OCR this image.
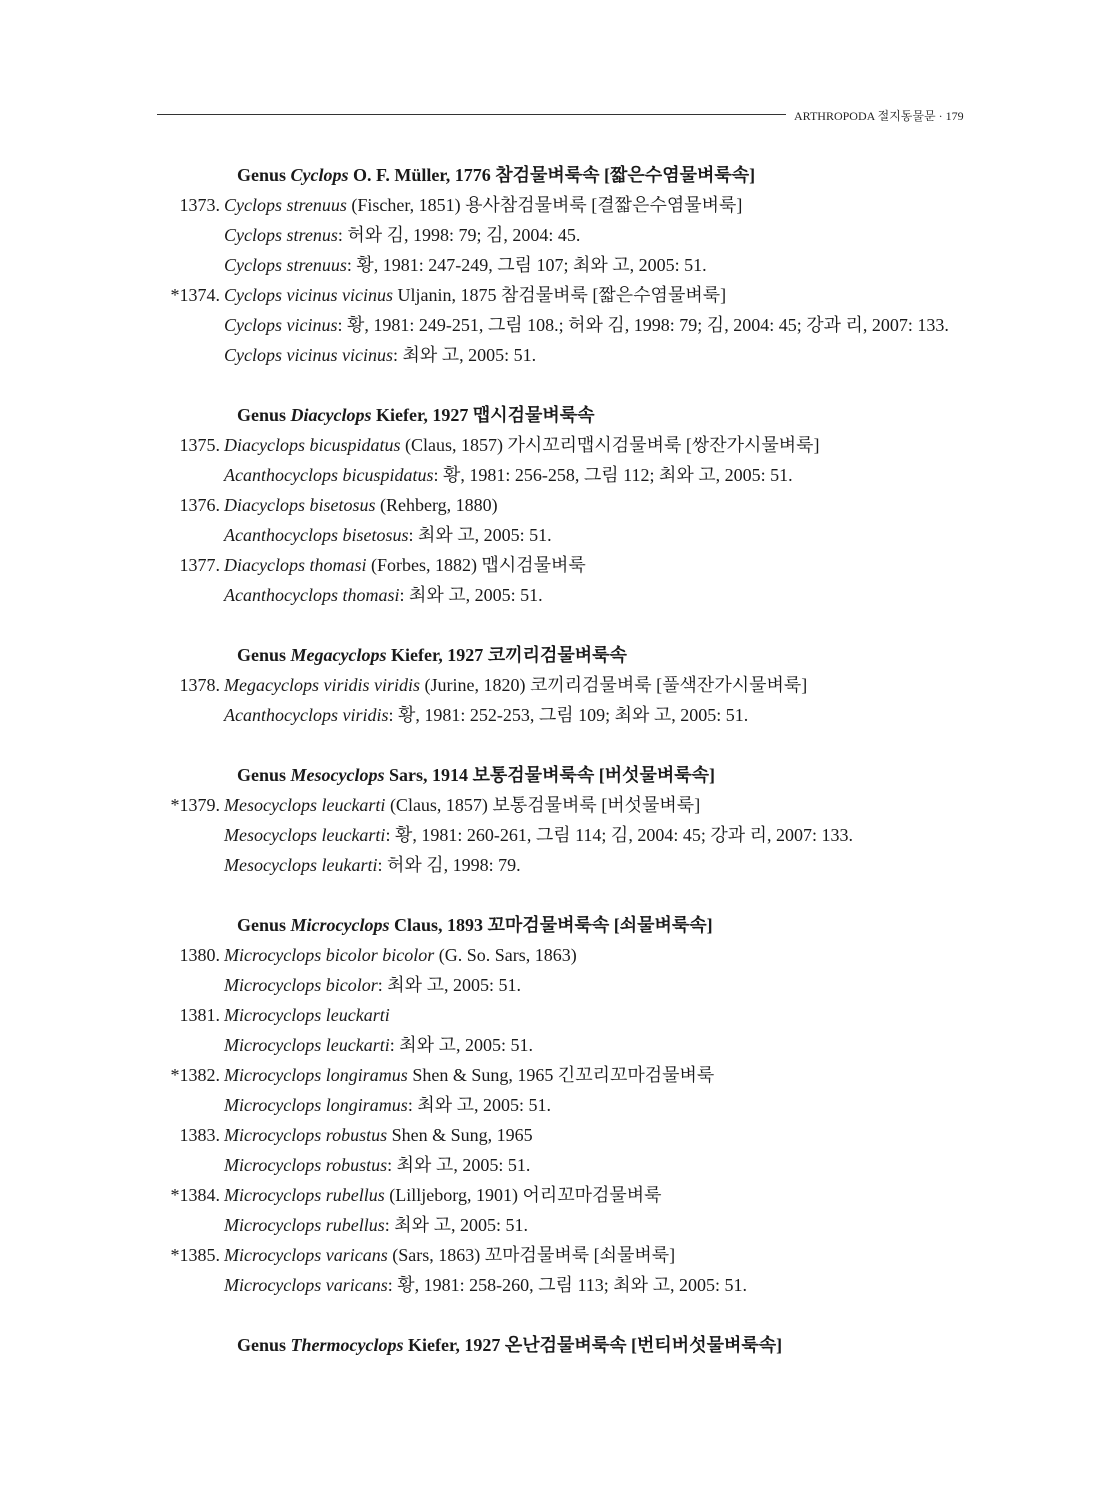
ARTHROPODA 절지동물문 · 179
Genus Cyclops O. F. Müller, 1776 참검물벼룩속 [짧은수염물벼룩속]
1373. Cyclops strenuus (Fischer, 1851) 용사참검물벼룩 [결짧은수염물벼룩]
Cyclops strenus: 허와 김, 1998: 79; 김, 2004: 45.
Cyclops strenuus: 황, 1981: 247-249, 그림 107; 최와 고, 2005: 51.
*1374. Cyclops vicinus vicinus Uljanin, 1875 참검물벼룩 [짧은수염물벼룩]
Cyclops vicinus: 황, 1981: 249-251, 그림 108.; 허와 김, 1998: 79; 김, 2004: 45; 강과 리, 2007: 133.
Cyclops vicinus vicinus: 최와 고, 2005: 51.
Genus Diacyclops Kiefer, 1927 맵시검물벼룩속
1375. Diacyclops bicuspidatus (Claus, 1857) 가시꼬리맵시검물벼룩 [쌍잔가시물벼룩]
Acanthocyclops bicuspidatus: 황, 1981: 256-258, 그림 112; 최와 고, 2005: 51.
1376. Diacyclops bisetosus (Rehberg, 1880)
Acanthocyclops bisetosus: 최와 고, 2005: 51.
1377. Diacyclops thomasi (Forbes, 1882) 맵시검물벼룩
Acanthocyclops thomasi: 최와 고, 2005: 51.
Genus Megacyclops Kiefer, 1927 코끼리검물벼룩속
1378. Megacyclops viridis viridis (Jurine, 1820) 코끼리검물벼룩 [풀색잔가시물벼룩]
Acanthocyclops viridis: 황, 1981: 252-253, 그림 109; 최와 고, 2005: 51.
Genus Mesocyclops Sars, 1914 보통검물벼룩속 [버섯물벼룩속]
*1379. Mesocyclops leuckarti (Claus, 1857) 보통검물벼룩 [버섯물벼룩]
Mesocyclops leuckarti: 황, 1981: 260-261, 그림 114; 김, 2004: 45; 강과 리, 2007: 133.
Mesocyclops leukarti: 허와 김, 1998: 79.
Genus Microcyclops Claus, 1893 꼬마검물벼룩속 [쇠물벼룩속]
1380. Microcyclops bicolor bicolor (G. So. Sars, 1863)
Microcyclops bicolor: 최와 고, 2005: 51.
1381. Microcyclops leuckarti
Microcyclops leuckarti: 최와 고, 2005: 51.
*1382. Microcyclops longiramus Shen & Sung, 1965 긴꼬리꼬마검물벼룩
Microcyclops longiramus: 최와 고, 2005: 51.
1383. Microcyclops robustus Shen & Sung, 1965
Microcyclops robustus: 최와 고, 2005: 51.
*1384. Microcyclops rubellus (Lilljeborg, 1901) 어리꼬마검물벼룩
Microcyclops rubellus: 최와 고, 2005: 51.
*1385. Microcyclops varicans (Sars, 1863) 꼬마검물벼룩 [쇠물벼룩]
Microcyclops varicans: 황, 1981: 258-260, 그림 113; 최와 고, 2005: 51.
Genus Thermocyclops Kiefer, 1927 온난검물벼룩속 [번티버섯물벼룩속]
